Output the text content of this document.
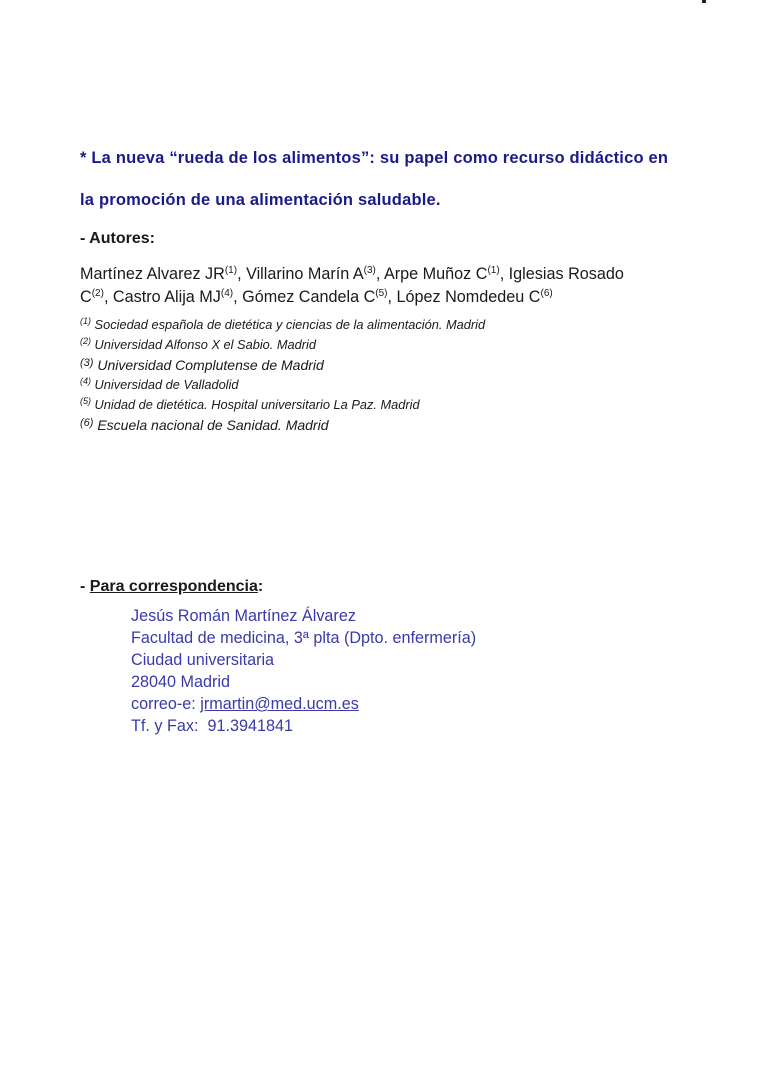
* La nueva “rueda de los alimentos”: su papel como recurso didáctico en
la promoción de una alimentación saludable.
- Autores:

Martínez Alvarez JR$^{(1)}$, Villarino Marín $A^{(3)}$, Arpe Muñoz $C^{(1)}$, Iglesias Rosado
$C^{(2)}$, Castro Alija MJ$^{(4)}$, Gómez Candela $C^{(5)}$, López Nomdedeu $C^{(6)}$

$^{(1)}$ Sociedad española de dietética y ciencias de la alimentación. Madrid
$^{(2)}$ Universidad Alfonso X el Sabio. Madrid
$^{(3)}$ Universidad Complutense de Madrid
$^{(4)}$ Universidad de Valladolid
$^{(5)}$ Unidad de dietética. Hospital universitario La Paz. Madrid
$^{(6)}$ Escuela nacional de Sanidad. Madrid
- Para correspondencia:
Jesús Román Martínez Álvarez
Facultad de medicina, 3ª plta (Dpto. enfermería)
Ciudad universitaria
28040 Madrid
correo-e: jrmartin@med.ucm.es
Tf. y Fax:  91.3941841
